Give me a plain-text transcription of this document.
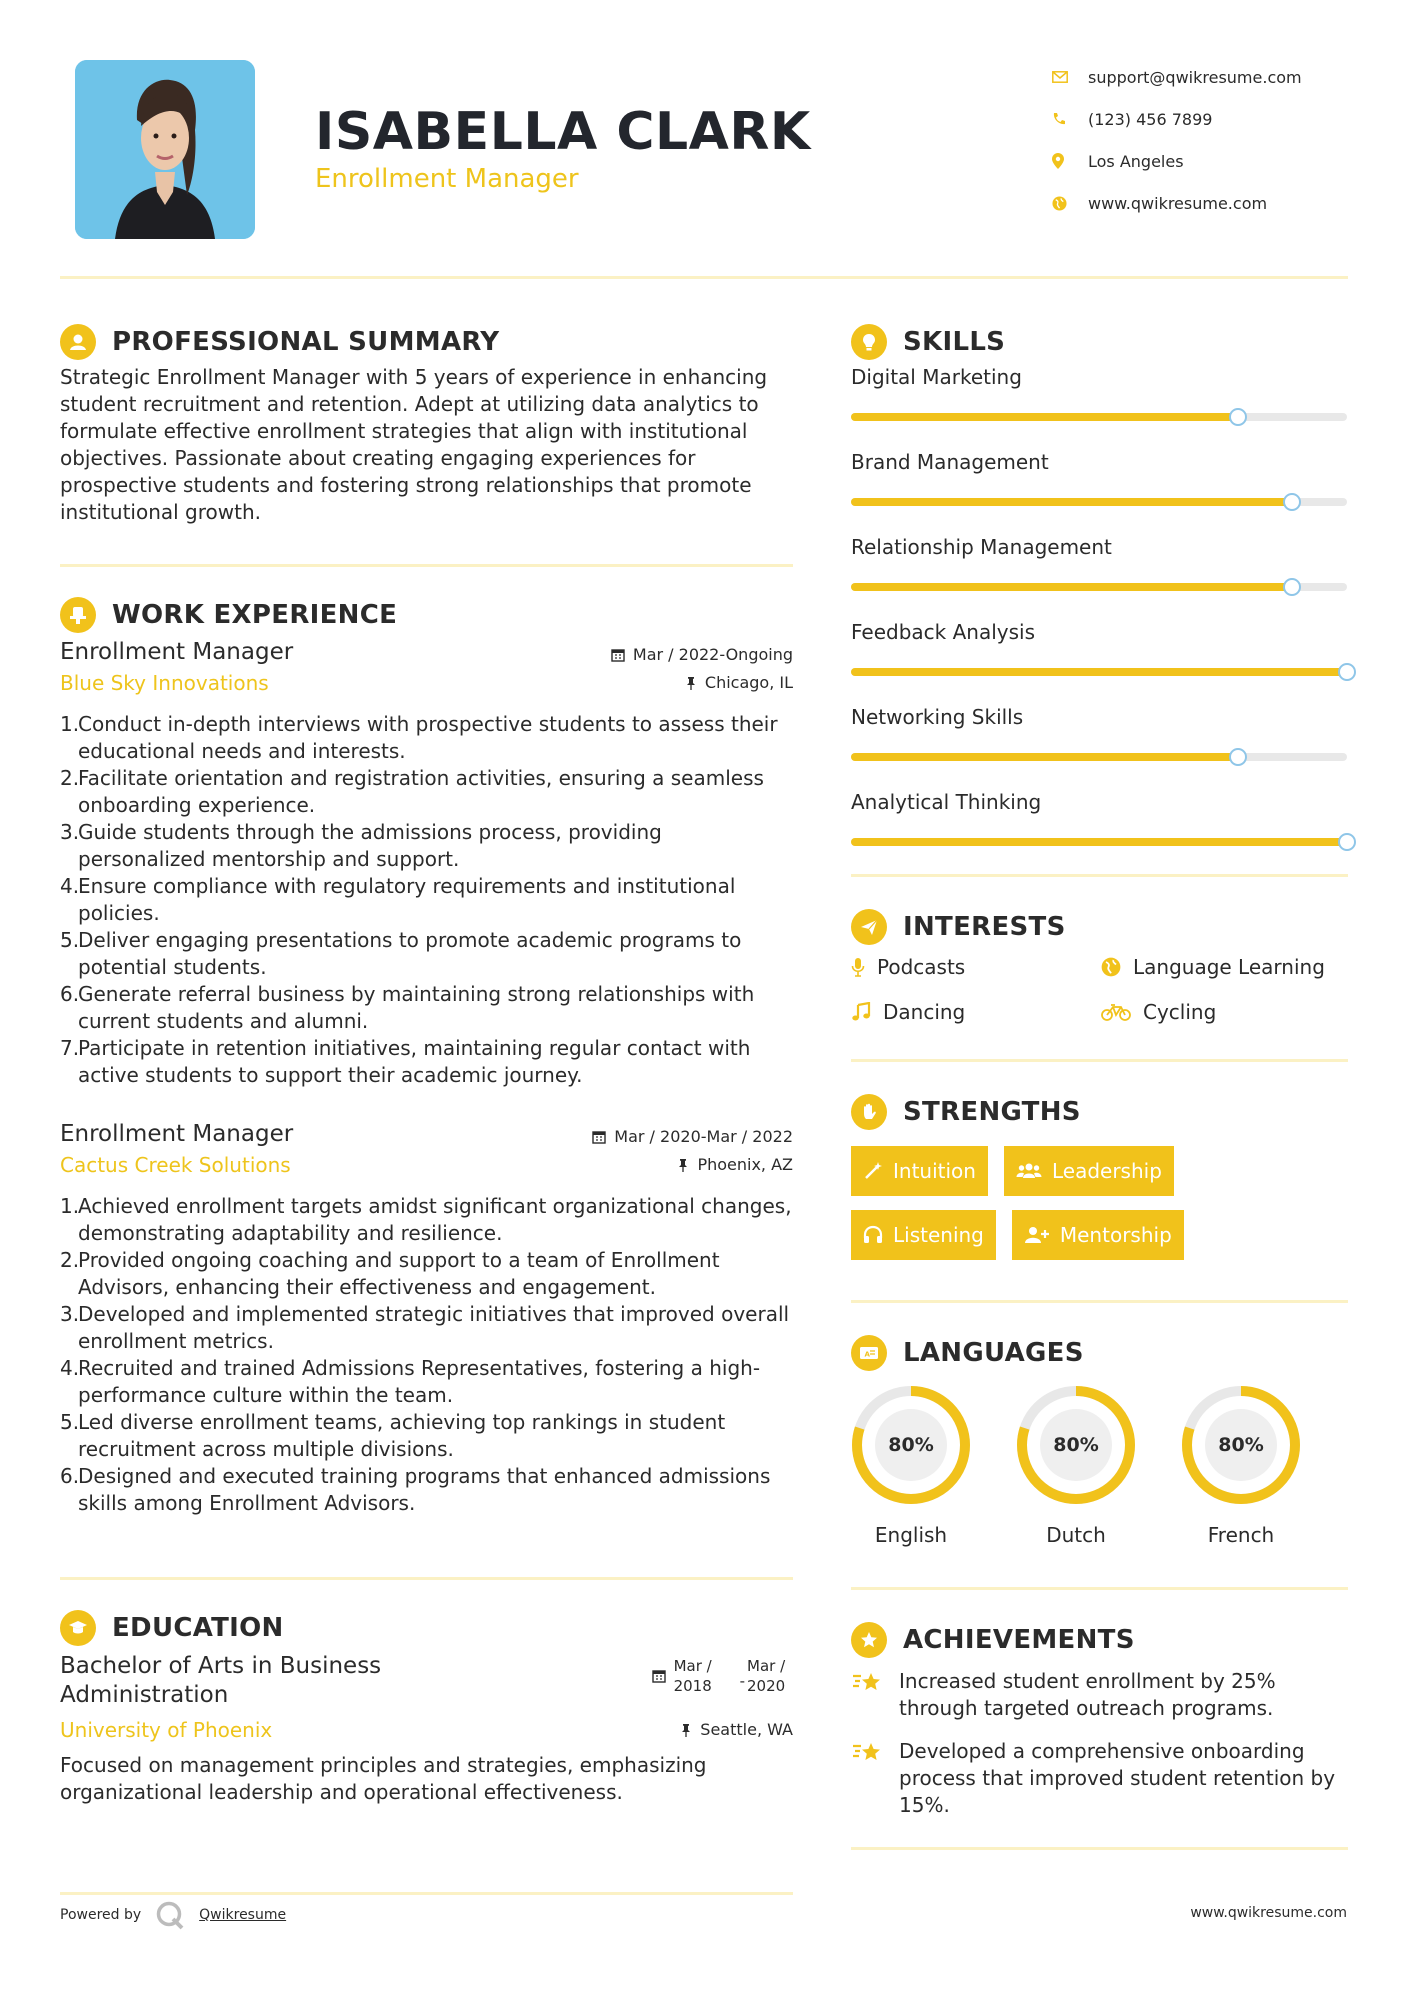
ISABELLA CLARK
Enrollment Manager
support@qwikresume.com
(123) 456 7899
Los Angeles
www.qwikresume.com
PROFESSIONAL SUMMARY

Strategic Enrollment Manager with 5 years of experience in enhancing student recruitment and retention. Adept at utilizing data analytics to formulate effective enrollment strategies that align with institutional objectives. Passionate about creating engaging experiences for prospective students and fostering strong relationships that promote institutional growth.

WORK EXPERIENCE
Enrollment Manager	Mar / 2022-Ongoing
Blue Sky Innovations	Chicago, IL
Conduct in-depth interviews with prospective students to assess their educational needs and interests.
Facilitate orientation and registration activities, ensuring a seamless onboarding experience.
Guide students through the admissions process, providing personalized mentorship and support.
Ensure compliance with regulatory requirements and institutional policies.
Deliver engaging presentations to promote academic programs to potential students.
Generate referral business by maintaining strong relationships with current students and alumni.
Participate in retention initiatives, maintaining regular contact with active students to support their academic journey.
Enrollment Manager	Mar / 2020-Mar / 2022
Cactus Creek Solutions	Phoenix, AZ
Achieved enrollment targets amidst significant organizational changes, demonstrating adaptability and resilience.
Provided ongoing coaching and support to a team of Enrollment Advisors, enhancing their effectiveness and engagement.
Developed and implemented strategic initiatives that improved overall enrollment metrics.
Recruited and trained Admissions Representatives, fostering a high-performance culture within the team.
Led diverse enrollment teams, achieving top rankings in student recruitment across multiple divisions.
Designed and executed training programs that enhanced admissions skills among Enrollment Advisors.
EDUCATION
Bachelor of Arts in Business
Administration
Mar /
2018	-
Mar /
2020
University of Phoenix	Seattle, WA

Focused on management principles and strategies, emphasizing organizational leadership and operational effectiveness.

SKILLS
Digital Marketing
Brand Management
Relationship Management
Feedback Analysis
Networking Skills
Analytical Thinking
INTERESTS
Podcasts	Language Learning
Dancing	Cycling
STRENGTHS
Intuition	Leadership
Listening	Mentorship
A LANGUAGES
80%
English
80%
Dutch
80%
French
ACHIEVEMENTS
Increased student enrollment by 25% through targeted outreach programs.
Developed a comprehensive onboarding process that improved student retention by 15%.
Powered by	Qwikresume	www.qwikresume.com
